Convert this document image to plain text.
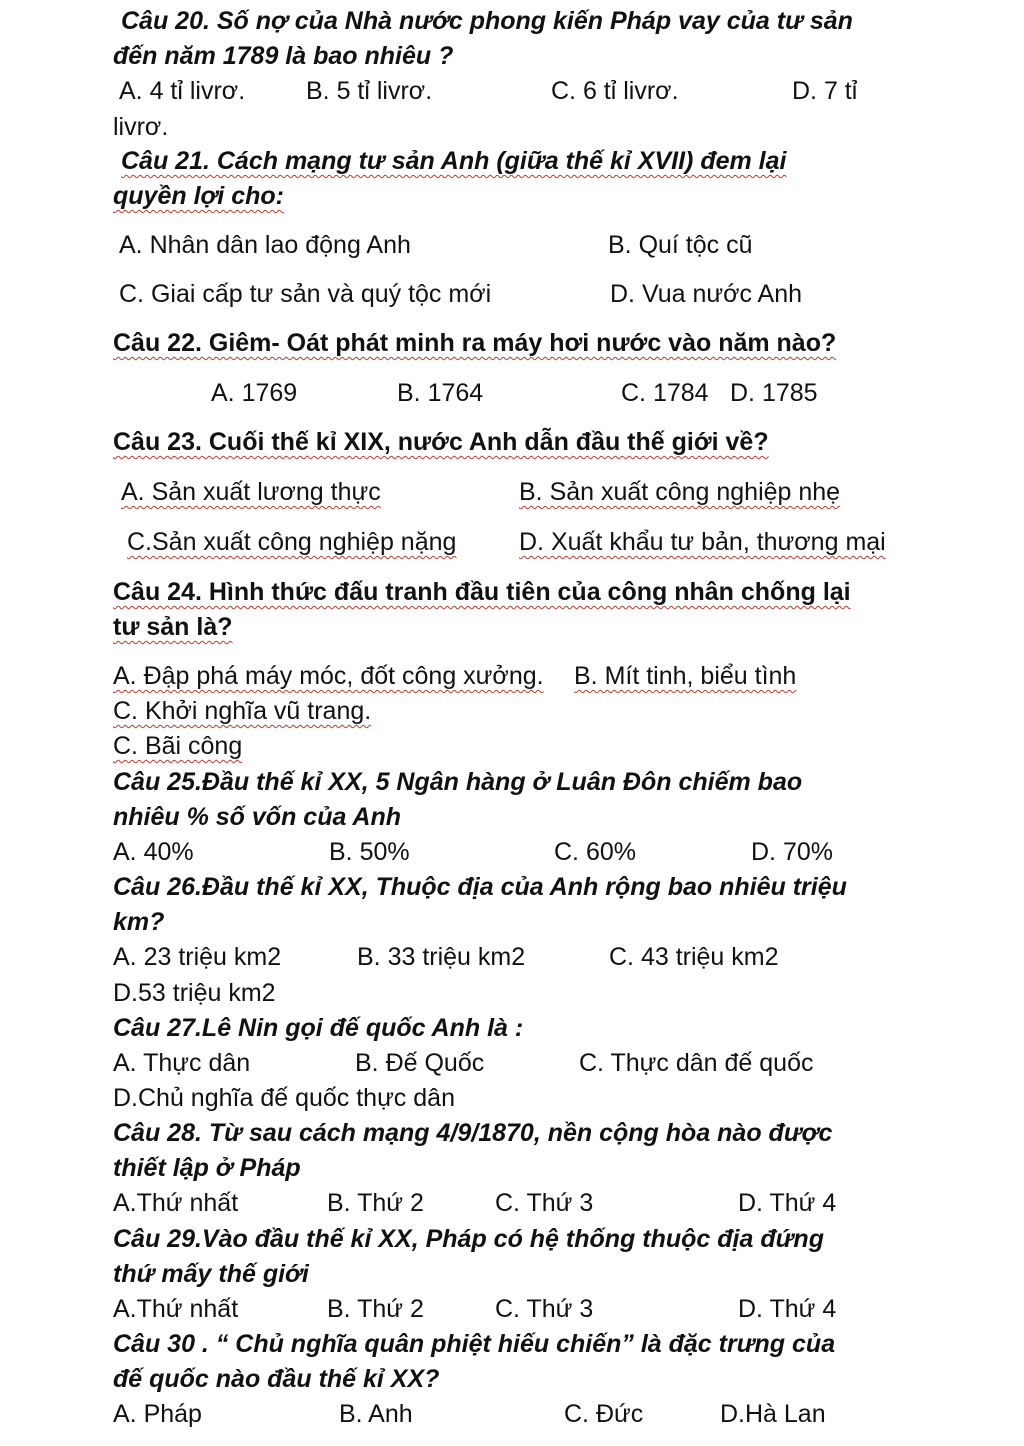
Câu 20. Số nợ của Nhà nước phong kiến Pháp vay của tư sản
đến năm 1789 là bao nhiêu ?
A. 4 tỉ livrơ. B. 5 tỉ livrơ.	C. 6 tỉ livrơ.	D. 7 tỉ
livrơ.
Câu 21. Cách mạng tư sản Anh (giữa thế kỉ XVII) đem lại
quyền lợi cho:
A. Nhân dân lao động Anh	B. Quí tộc cũ
C. Giai cấp tư sản và quý tộc mới	D. Vua nước Anh
Câu 22. Giêm- Oát phát minh ra máy hơi nước vào năm nào?
A. 1769	B. 1764	C. 1784 D. 1785
Câu 23. Cuối thế kỉ XIX, nước Anh dẫn đầu thế giới về?
A. Sản xuất lương thực	B. Sản xuất công nghiệp nhẹ
C.Sản xuất công nghiệp nặng	D. Xuất khẩu tư bản, thương mại
Câu 24. Hình thức đấu tranh đầu tiên của công nhân chống lại
tư sản là?
A. Đập phá máy móc, đốt công xưởng. B. Mít tinh, biểu tình
C. Khởi nghĩa vũ trang.
C. Bãi công
Câu 25.Đầu thế kỉ XX, 5 Ngân hàng ở Luân Đôn chiếm bao
nhiêu % số vốn của Anh
A. 40%	B. 50%	C. 60%	D. 70%
Câu 26.Đầu thế kỉ XX, Thuộc địa của Anh rộng bao nhiêu triệu
km?
A. 23 triệu km2	B. 33 triệu km2	C. 43 triệu km2
D.53 triệu km2
Câu 27.Lê Nin gọi đế quốc Anh là :
A. Thực dân	B. Đế Quốc	C. Thực dân đế quốc
D.Chủ nghĩa đế quốc thực dân
Câu 28. Từ sau cách mạng 4/9/1870, nền cộng hòa nào được
thiết lập ở Pháp
A.Thứ nhất	B. Thứ 2	C. Thứ 3	D. Thứ 4
Câu 29.Vào đầu thế kỉ XX, Pháp có hệ thống thuộc địa đứng
thứ mấy thế giới
A.Thứ nhất	B. Thứ 2	C. Thứ 3	D. Thứ 4
Câu 30 . “ Chủ nghĩa quân phiệt hiếu chiến” là đặc trưng của
đế quốc nào đầu thế kỉ XX?
A. Pháp	B. Anh	C. Đức	D.Hà Lan
